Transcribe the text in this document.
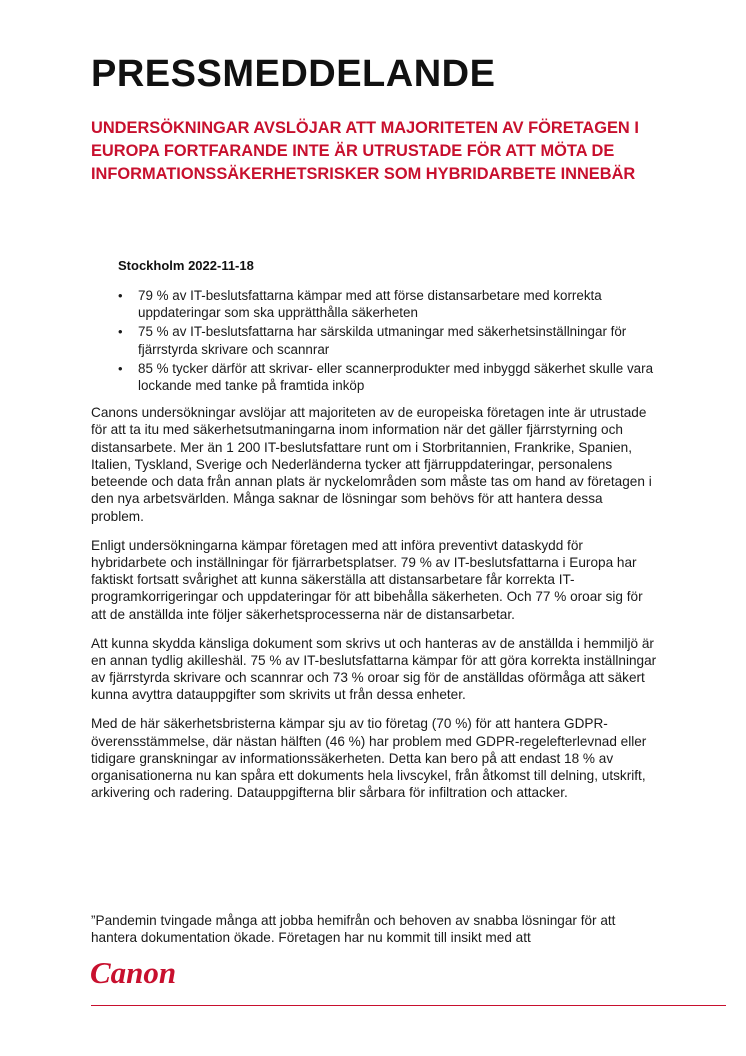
PRESSMEDDELANDE
UNDERSÖKNINGAR AVSLÖJAR ATT MAJORITETEN AV FÖRETAGEN I EUROPA FORTFARANDE INTE ÄR UTRUSTADE FÖR ATT MÖTA DE INFORMATIONSSÄKERHETSRISKER SOM HYBRIDARBETE INNEBÄR

Stockholm 2022-11-18

• 79 % av IT-beslutsfattarna kämpar med att förse distansarbetare med korrekta uppdateringar som ska upprätthålla säkerheten
• 75 % av IT-beslutsfattarna har särskilda utmaningar med säkerhetsinställningar för fjärrstyrda skrivare och scannrar
• 85 % tycker därför att skrivar- eller scannerprodukter med inbyggd säkerhet skulle vara lockande med tanke på framtida inköp

Canons undersökningar avslöjar att majoriteten av de europeiska företagen inte är utrustade för att ta itu med säkerhetsutmaningarna inom information när det gäller fjärrstyrning och distansarbete. Mer än 1 200 IT-beslutsfattare runt om i Storbritannien, Frankrike, Spanien, Italien, Tyskland, Sverige och Nederländerna tycker att fjärruppdateringar, personalens beteende och data från annan plats är nyckelområden som måste tas om hand av företagen i den nya arbetsvärlden. Många saknar de lösningar som behövs för att hantera dessa problem.

Enligt undersökningarna kämpar företagen med att införa preventivt dataskydd för hybridarbete och inställningar för fjärrarbetsplatser. 79 % av IT-beslutsfattarna i Europa har faktiskt fortsatt svårighet att kunna säkerställa att distansarbetare får korrekta IT-programkorrigeringar och uppdateringar för att bibehålla säkerheten. Och 77 % oroar sig för att de anställda inte följer säkerhetsprocesserna när de distansarbetar.

Att kunna skydda känsliga dokument som skrivs ut och hanteras av de anställda i hemmiljö är en annan tydlig akilleshäl. 75 % av IT-beslutsfattarna kämpar för att göra korrekta inställningar av fjärrstyrda skrivare och scannrar och 73 % oroar sig för de anställdas oförmåga att säkert kunna avyttra datauppgifter som skrivits ut från dessa enheter.

Med de här säkerhetsbristerna kämpar sju av tio företag (70 %) för att hantera GDPR-överensstämmelse, där nästan hälften (46 %) har problem med GDPR-regelefterlevnad eller tidigare granskningar av informationssäkerheten. Detta kan bero på att endast 18 % av organisationerna nu kan spåra ett dokuments hela livscykel, från åtkomst till delning, utskrift, arkivering och radering. Datauppgifterna blir sårbara för infiltration och attacker.

”Pandemin tvingade många att jobba hemifrån och behoven av snabba lösningar för att hantera dokumentation ökade. Företagen har nu kommit till insikt med att

Canon
